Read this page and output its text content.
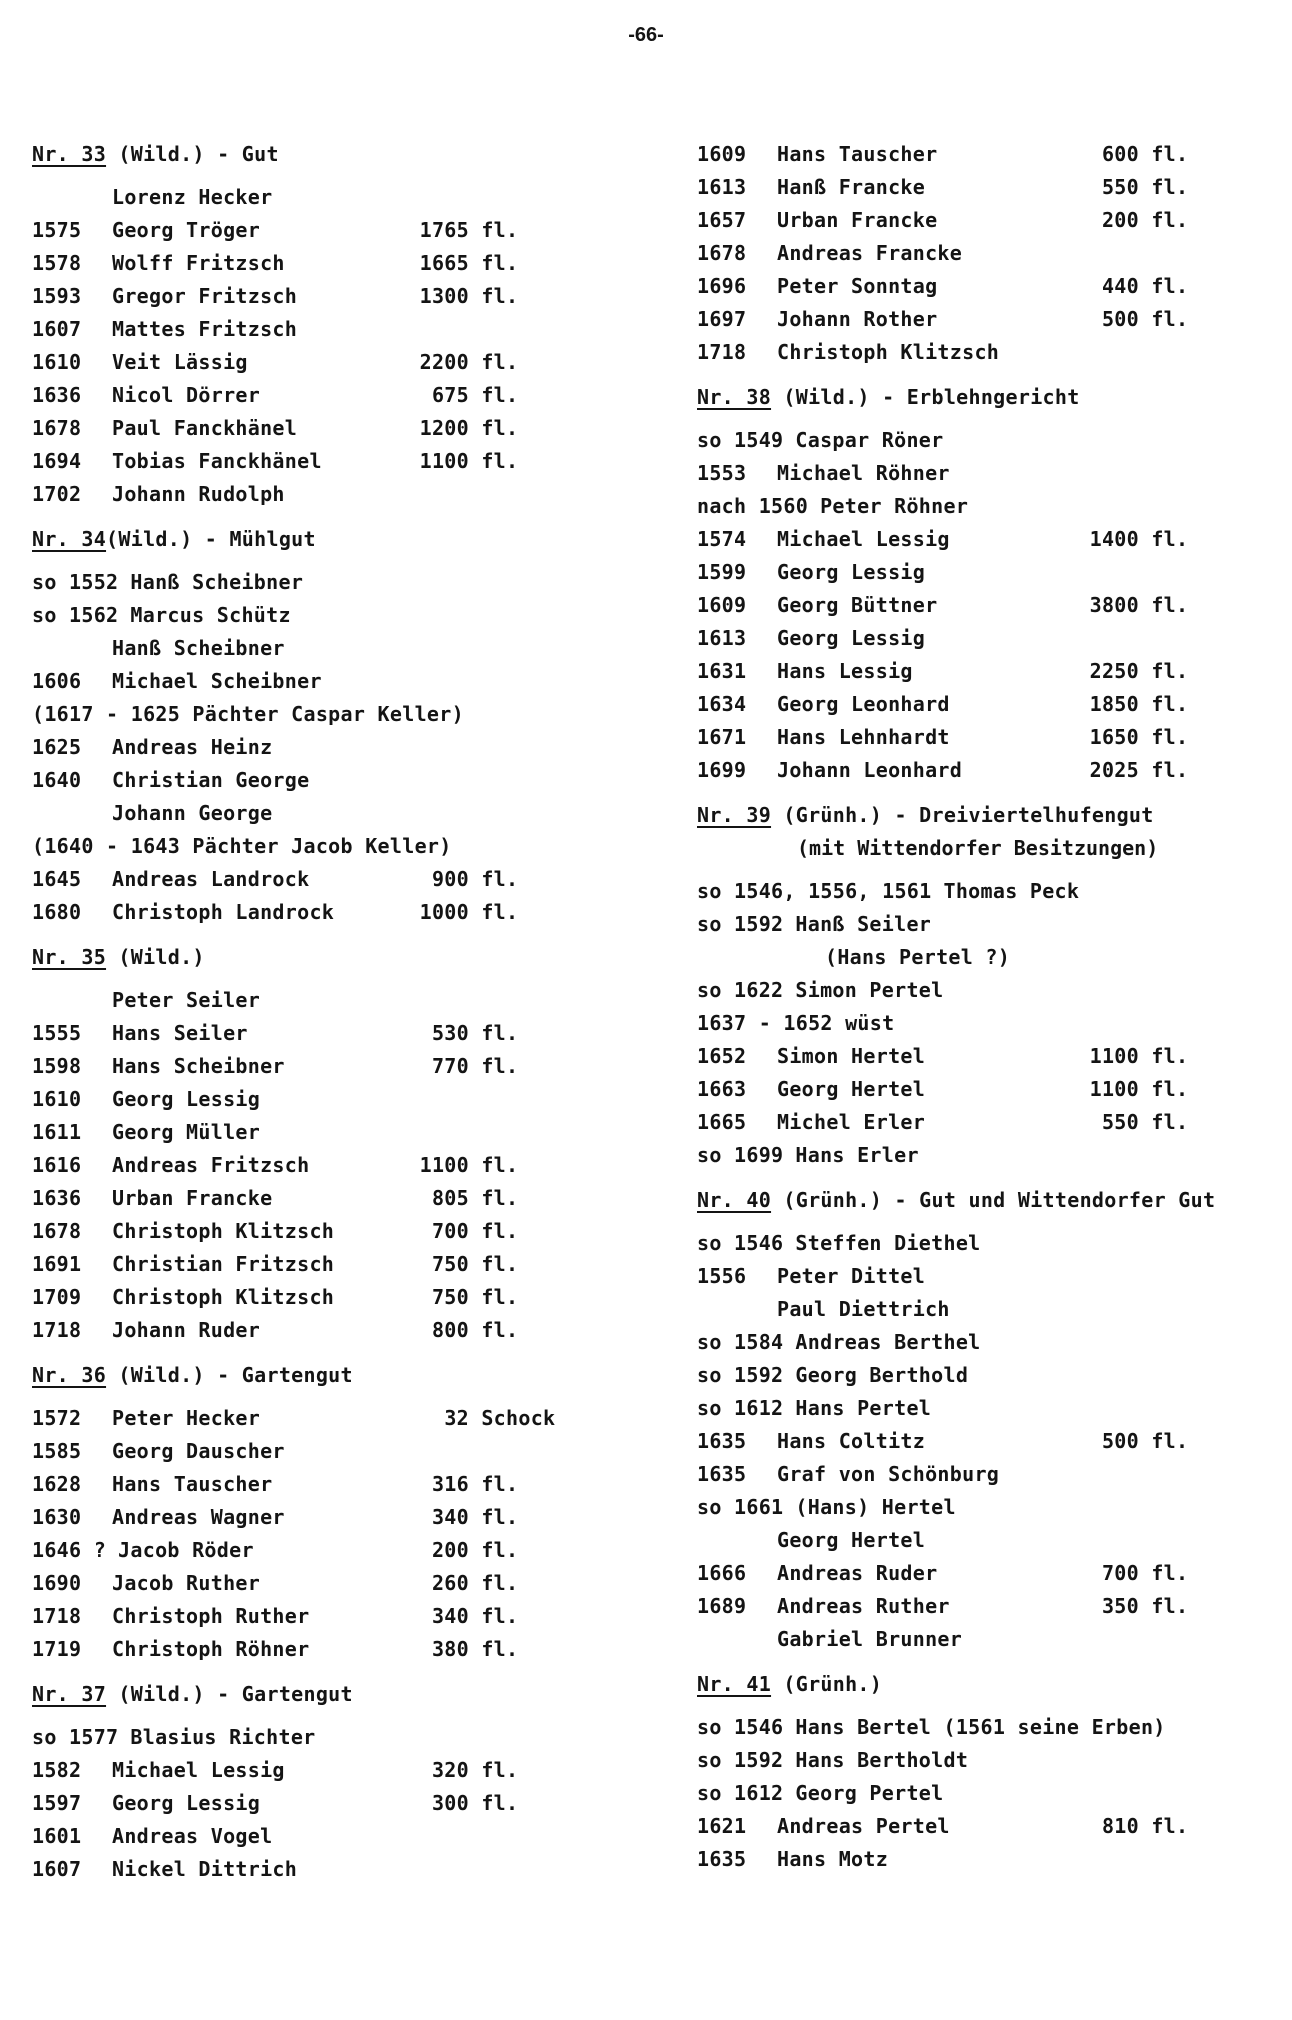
-66-
Nr. 33 (Wild.) - Gut
Lorenz Hecker
1575	Georg Tröger	1765 fl.
1578	Wolff Fritzsch	1665 fl.
1593	Gregor Fritzsch	1300 fl.
1607	Mattes Fritzsch
1610	Veit Lässig	2200 fl.
1636	Nicol Dörrer	675 fl.
1678	Paul Fanckhänel	1200 fl.
1694	Tobias Fanckhänel	1100 fl.
1702	Johann Rudolph
Nr. 34(Wild.) - Mühlgut
so 1552 Hanß Scheibner
so 1562 Marcus Schütz
Hanß Scheibner
1606	Michael Scheibner
(1617 - 1625 Pächter Caspar Keller)
1625	Andreas Heinz
1640	Christian George
Johann George
(1640 - 1643 Pächter Jacob Keller)
1645	Andreas Landrock	900 fl.
1680	Christoph Landrock	1000 fl.
Nr. 35 (Wild.)
Peter Seiler
1555	Hans Seiler	530 fl.
1598	Hans Scheibner	770 fl.
1610	Georg Lessig
1611	Georg Müller
1616	Andreas Fritzsch	1100 fl.
1636	Urban Francke	805 fl.
1678	Christoph Klitzsch	700 fl.
1691	Christian Fritzsch	750 fl.
1709	Christoph Klitzsch	750 fl.
1718	Johann Ruder	800 fl.
Nr. 36 (Wild.) - Gartengut
1572	Peter Hecker	32 Schock
1585	Georg Dauscher
1628	Hans Tauscher	316 fl.
1630	Andreas Wagner	340 fl.
1646 ? Jacob Röder	200 fl.
1690	Jacob Ruther	260 fl.
1718	Christoph Ruther	340 fl.
1719	Christoph Röhner	380 fl.
Nr. 37 (Wild.) - Gartengut
so 1577 Blasius Richter
1582	Michael Lessig	320 fl.
1597	Georg Lessig	300 fl.
1601	Andreas Vogel
1607	Nickel Dittrich
1609	Hans Tauscher	600 fl.
1613	Hanß Francke	550 fl.
1657	Urban Francke	200 fl.
1678	Andreas Francke
1696	Peter Sonntag	440 fl.
1697	Johann Rother	500 fl.
1718	Christoph Klitzsch
Nr. 38 (Wild.) - Erblehngericht
so 1549 Caspar Röner
1553	Michael Röhner
nach 1560 Peter Röhner
1574	Michael Lessig	1400 fl.
1599	Georg Lessig
1609	Georg Büttner	3800 fl.
1613	Georg Lessig
1631	Hans Lessig	2250 fl.
1634	Georg Leonhard	1850 fl.
1671	Hans Lehnhardt	1650 fl.
1699	Johann Leonhard	2025 fl.
Nr. 39 (Grünh.) - Dreiviertelhufengut
(mit Wittendorfer Besitzungen)
so 1546, 1556, 1561 Thomas Peck
so 1592 Hanß Seiler
(Hans Pertel ?)
so 1622 Simon Pertel
1637 - 1652 wüst
1652	Simon Hertel	1100 fl.
1663	Georg Hertel	1100 fl.
1665	Michel Erler	550 fl.
so 1699 Hans Erler
Nr. 40 (Grünh.) - Gut und Wittendorfer Gut
so 1546 Steffen Diethel
1556	Peter Dittel
Paul Diettrich
so 1584 Andreas Berthel
so 1592 Georg Berthold
so 1612 Hans Pertel
1635	Hans Coltitz	500 fl.
1635	Graf von Schönburg
so 1661 (Hans) Hertel
Georg Hertel
1666	Andreas Ruder	700 fl.
1689	Andreas Ruther	350 fl.
Gabriel Brunner
Nr. 41 (Grünh.)
so 1546 Hans Bertel (1561 seine Erben)
so 1592 Hans Bertholdt
so 1612 Georg Pertel
1621	Andreas Pertel	810 fl.
1635	Hans Motz
